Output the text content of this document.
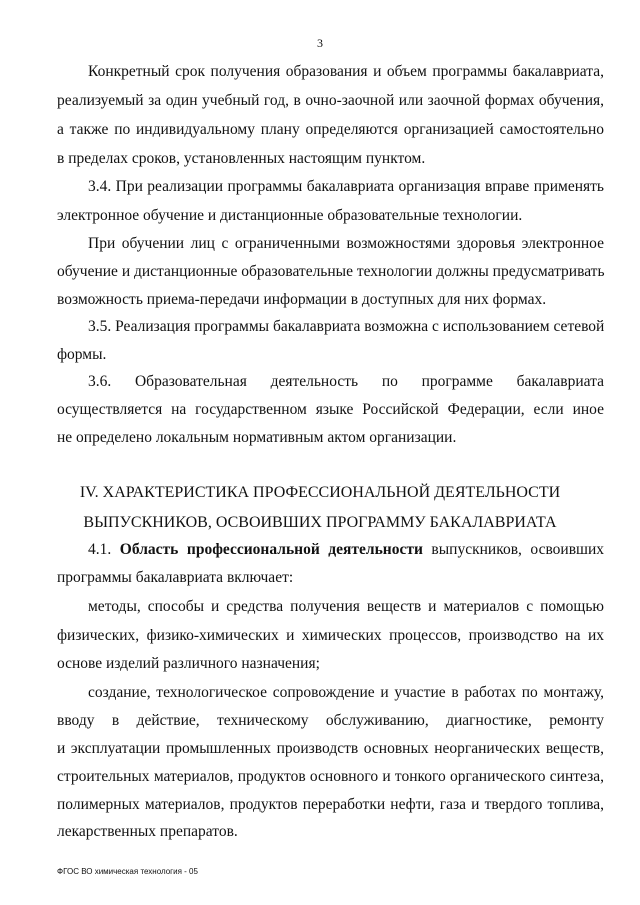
3
Конкретный срок получения образования и объем программы бакалавриата,
реализуемый за один учебный год, в очно-заочной или заочной формах обучения,
а также по индивидуальному плану определяются организацией самостоятельно
в пределах сроков, установленных настоящим пунктом.
3.4. При реализации программы бакалавриата организация вправе применять
электронное обучение и дистанционные образовательные технологии.
При обучении лиц с ограниченными возможностями здоровья электронное
обучение и дистанционные образовательные технологии должны предусматривать
возможность приема-передачи информации в доступных для них формах.
3.5. Реализация программы бакалавриата возможна с использованием сетевой
формы.
3.6. Образовательная деятельность по программе бакалавриата
осуществляется на государственном языке Российской Федерации, если иное
не определено локальным нормативным актом организации.
IV. ХАРАКТЕРИСТИКА ПРОФЕССИОНАЛЬНОЙ ДЕЯТЕЛЬНОСТИ
ВЫПУСКНИКОВ, ОСВОИВШИХ ПРОГРАММУ БАКАЛАВРИАТА
4.1. Область профессиональной деятельности выпускников, освоивших
программы бакалавриата включает:
методы, способы и средства получения веществ и материалов с помощью
физических, физико-химических и химических процессов, производство на их
основе изделий различного назначения;
создание, технологическое сопровождение и участие в работах по монтажу,
вводу в действие, техническому обслуживанию, диагностике, ремонту
и эксплуатации промышленных производств основных неорганических веществ,
строительных материалов, продуктов основного и тонкого органического синтеза,
полимерных материалов, продуктов переработки нефти, газа и твердого топлива,
лекарственных препаратов.
ФГОС ВО химическая технология - 05
